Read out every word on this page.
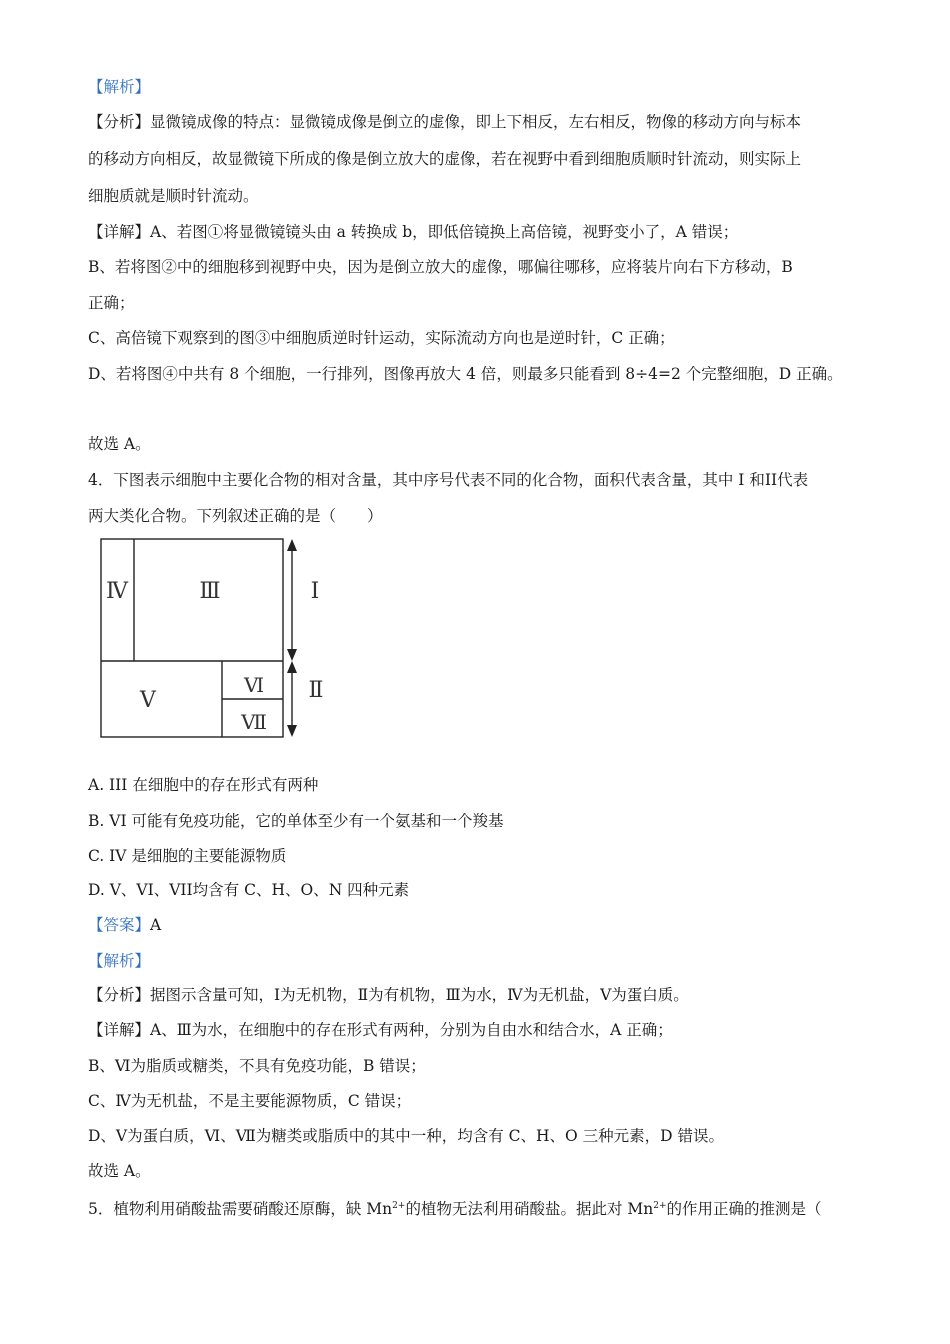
【解析】
【分析】显微镜成像的特点：显微镜成像是倒立的虚像，即上下相反，左右相反，物像的移动方向与标本
的移动方向相反，故显微镜下所成的像是倒立放大的虚像，若在视野中看到细胞质顺时针流动，则实际上
细胞质就是顺时针流动。
【详解】A、若图①将显微镜镜头由 a 转换成 b，即低倍镜换上高倍镜，视野变小了，A 错误；
B、若将图②中的细胞移到视野中央，因为是倒立放大的虚像，哪偏往哪移，应将装片向右下方移动，B
正确；
C、高倍镜下观察到的图③中细胞质逆时针运动，实际流动方向也是逆时针，C 正确；
D、若将图④中共有 8 个细胞，一行排列，图像再放大 4 倍，则最多只能看到 8÷4=2 个完整细胞，D 正确。
故选 A。
4．下图表示细胞中主要化合物的相对含量，其中序号代表不同的化合物，面积代表含量，其中 I 和II代表
两大类化合物。下列叙述正确的是（　　）
Ⅳ	Ⅲ	Ⅰ
Ⅴ
Ⅵ
Ⅶ
Ⅱ
A. III 在细胞中的存在形式有两种
B. VI 可能有免疫功能，它的单体至少有一个氨基和一个羧基
C. IV 是细胞的主要能源物质
D. V、VI、VII均含有 C、H、O、N 四种元素
【答案】A
【解析】
【分析】据图示含量可知，Ⅰ为无机物，Ⅱ为有机物，Ⅲ为水，Ⅳ为无机盐，Ⅴ为蛋白质。
【详解】A、Ⅲ为水，在细胞中的存在形式有两种，分别为自由水和结合水，A 正确；
B、Ⅵ为脂质或糖类，不具有免疫功能，B 错误；
C、Ⅳ为无机盐，不是主要能源物质，C 错误；
D、Ⅴ为蛋白质，Ⅵ、Ⅶ为糖类或脂质中的其中一种，均含有 C、H、O 三种元素，D 错误。
故选 A。
5．植物利用硝酸盐需要硝酸还原酶，缺 $Mn^{2+}$的植物无法利用硝酸盐。据此对 $Mn^{2+}$的作用正确的推测是（
